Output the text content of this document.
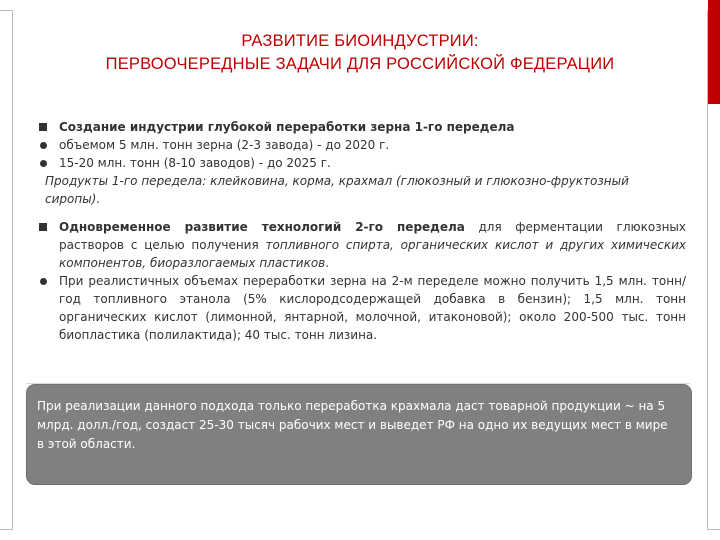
РАЗВИТИЕ БИОИНДУСТРИИ:
ПЕРВООЧЕРЕДНЫЕ ЗАДАЧИ ДЛЯ РОССИЙСКОЙ ФЕДЕРАЦИИ
Создание индустрии глубокой переработки зерна 1-го передела
объемом 5 млн. тонн зерна (2-3 завода) - до 2020 г.
15-20 млн. тонн (8-10 заводов) - до 2025 г.
Продукты 1-го передела: клейковина, корма, крахмал (глюкозный и глюкозно-фруктозный сиропы).
Одновременное развитие технологий 2-го передела для ферментации глюкозных растворов с целью получения топливного спирта, органических кислот и других химических компонентов, биоразлогаемых пластиков.
При реалистичных объемах переработки зерна на 2-м переделе можно получить 1,5 млн. тонн/год топливного этанола (5% кислородсодержащей добавка в бензин); 1,5 млн. тонн органических кислот (лимонной, янтарной, молочной, итаконовой); около 200-500 тыс. тонн биопластика (полилактида); 40 тыс. тонн лизина.
При реализации данного подхода только переработка крахмала даст товарной продукции ~ на 5 млрд. долл./год, создаст 25-30 тысяч рабочих мест и выведет РФ на одно их ведущих мест в мире в этой области.
